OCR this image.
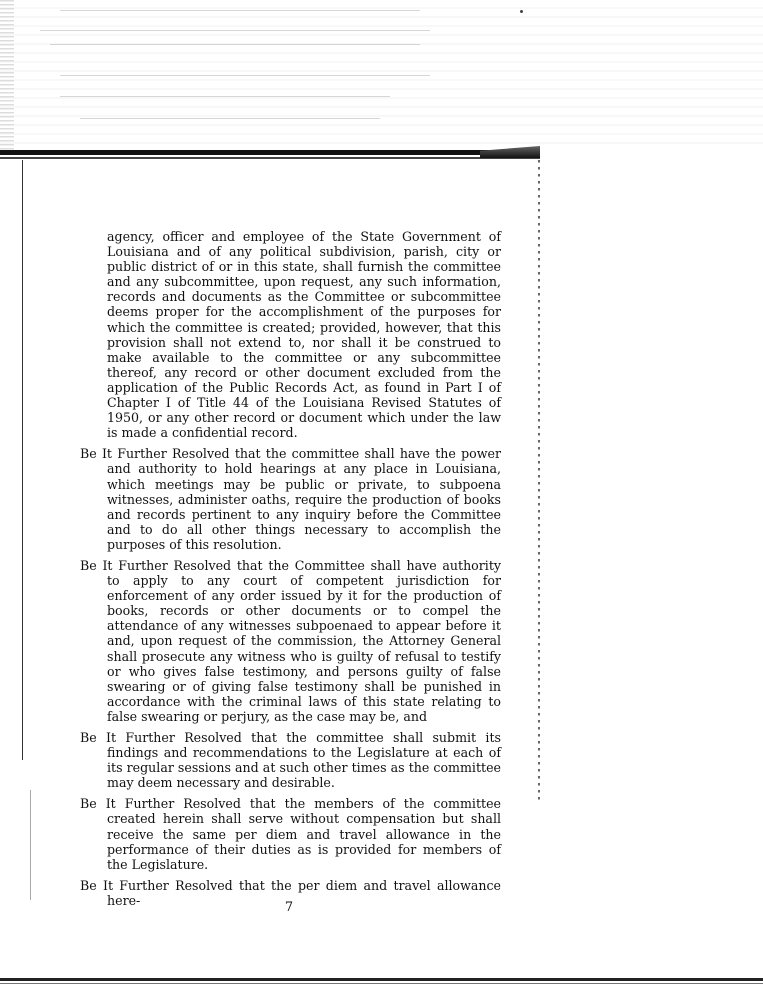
agency, officer and employee of the State Government of Louisiana and of any political subdivision, parish, city or public district of or in this state, shall furnish the committee and any subcommittee, upon request, any such information, records and documents as the Committee or subcommittee deems proper for the accomplishment of the purposes for which the committee is created; provided, however, that this provision shall not extend to, nor shall it be construed to make available to the committee or any subcommittee thereof, any record or other document excluded from the application of the Public Records Act, as found in Part I of Chapter I of Title 44 of the Louisiana Revised Statutes of 1950, or any other record or document which under the law is made a confidential record.

Be It Further Resolved that the committee shall have the power and authority to hold hearings at any place in Louisiana, which meetings may be public or private, to subpoena witnesses, administer oaths, require the production of books and records pertinent to any inquiry before the Committee and to do all other things necessary to accomplish the purposes of this resolution.

Be It Further Resolved that the Committee shall have authority to apply to any court of competent jurisdiction for enforcement of any order issued by it for the production of books, records or other documents or to compel the attendance of any witnesses subpoenaed to appear before it and, upon request of the commission, the Attorney General shall prosecute any witness who is guilty of refusal to testify or who gives false testimony, and persons guilty of false swearing or of giving false testimony shall be punished in accordance with the criminal laws of this state relating to false swearing or perjury, as the case may be, and

Be It Further Resolved that the committee shall submit its findings and recommendations to the Legislature at each of its regular sessions and at such other times as the committee may deem necessary and desirable.

Be It Further Resolved that the members of the committee created herein shall serve without compensation but shall receive the same per diem and travel allowance in the performance of their duties as is provided for members of the Legislature.

Be It Further Resolved that the per diem and travel allowance here-	7
